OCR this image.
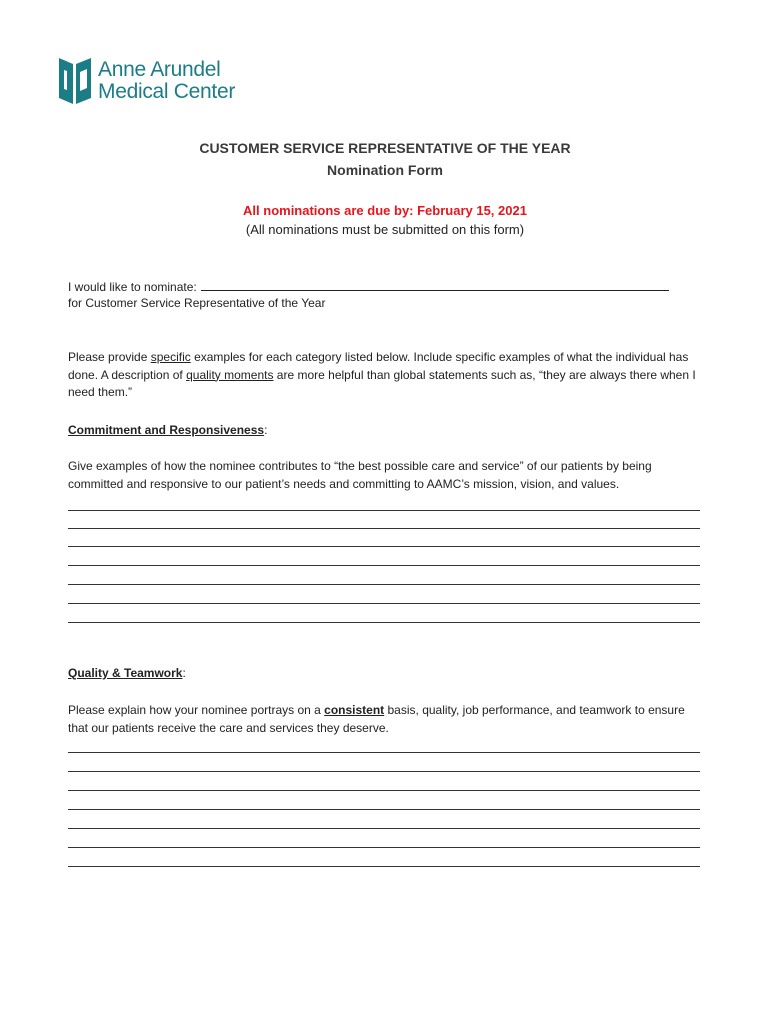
Anne Arundel
Medical Center
CUSTOMER SERVICE REPRESENTATIVE OF THE YEAR
Nomination Form
All nominations are due by: February 15, 2021
(All nominations must be submitted on this form)
I would like to nominate:
for Customer Service Representative of the Year
Please provide specific examples for each category listed below. Include specific examples of what the individual has done. A description of quality moments are more helpful than global statements such as, “they are always there when I need them.”
Commitment and Responsiveness:
Give examples of how the nominee contributes to “the best possible care and service” of our patients by being committed and responsive to our patient’s needs and committing to AAMC’s mission, vision, and values.
Quality & Teamwork:
Please explain how your nominee portrays on a consistent basis, quality, job performance, and teamwork to ensure that our patients receive the care and services they deserve.
